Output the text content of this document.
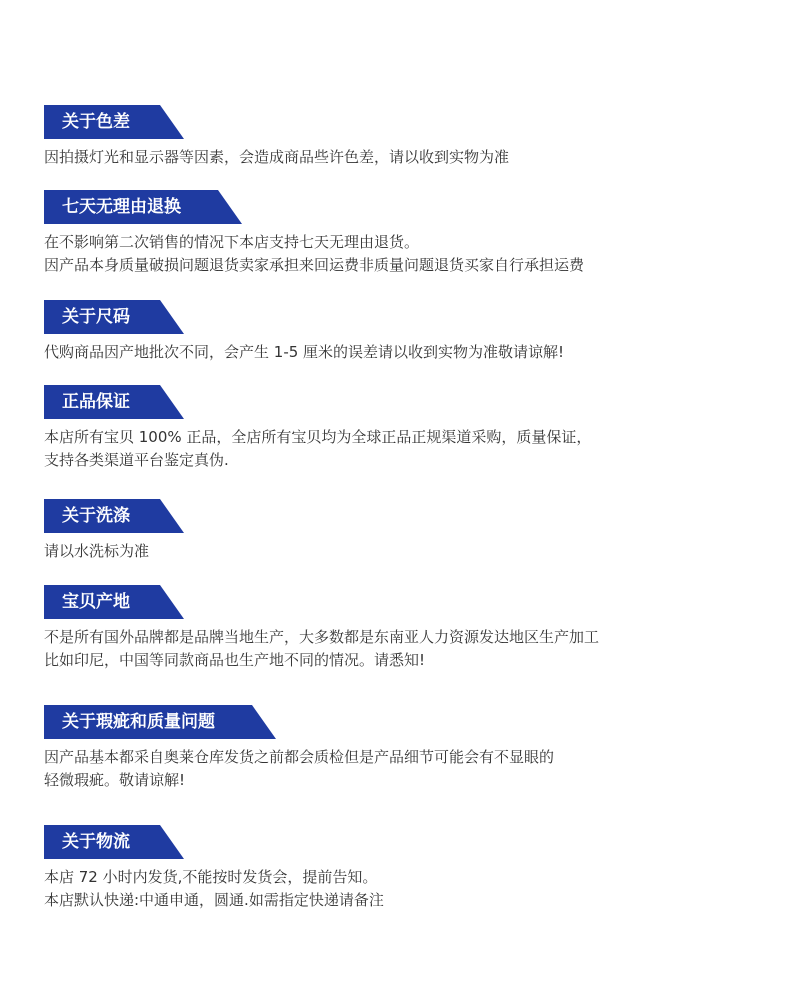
关于色差
因拍摄灯光和显示器等因素，会造成商品些许色差，请以收到实物为准
七天无理由退换
在不影响第二次销售的情况下本店支持七天无理由退货。
因产品本身质量破损问题退货卖家承担来回运费非质量问题退货买家自行承担运费
关于尺码
代购商品因产地批次不同，会产生 1-5 厘米的误差请以收到实物为准敬请谅解!
正品保证
本店所有宝贝 100% 正品，全店所有宝贝均为全球正品正规渠道采购，质量保证，
支持各类渠道平台鉴定真伪.
关于洗涤
请以水洗标为准
宝贝产地
不是所有国外品牌都是品牌当地生产，大多数都是东南亚人力资源发达地区生产加工
比如印尼，中国等同款商品也生产地不同的情况。请悉知!
关于瑕疵和质量问题
因产品基本都采自奥莱仓库发货之前都会质检但是产品细节可能会有不显眼的
轻微瑕疵。敬请谅解!
关于物流
本店 72 小时内发货,不能按时发货会，提前告知。
本店默认快递:中通申通，圆通.如需指定快递请备注
